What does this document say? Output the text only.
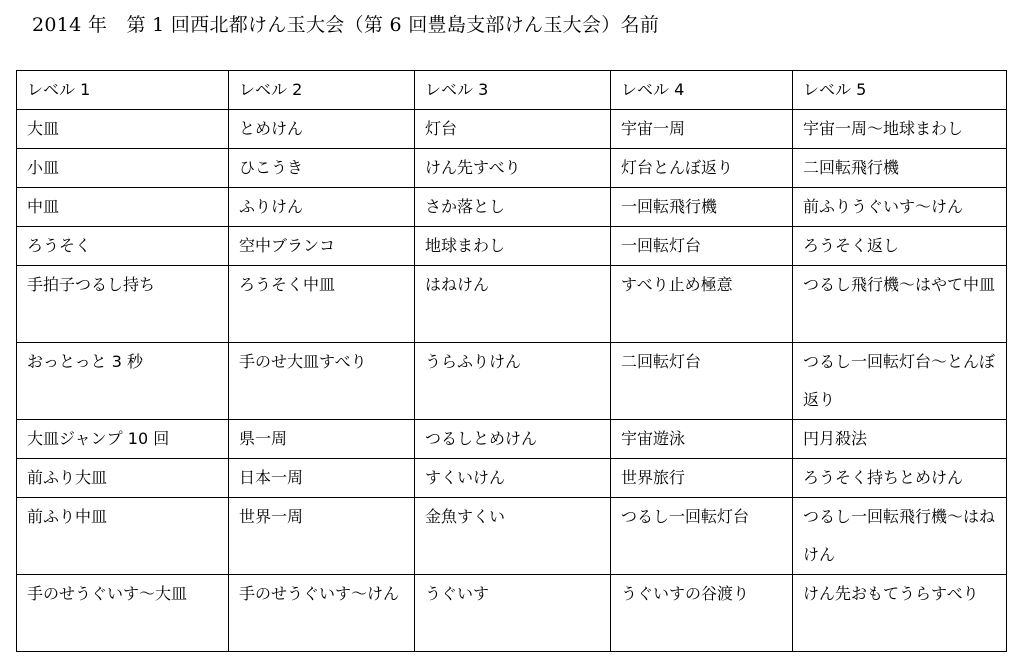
2014 年　第 1 回西北都けん玉大会（第 6 回豊島支部けん玉大会）名前
レベル 1	レベル 2	レベル 3	レベル 4	レベル 5
大皿	とめけん	灯台	宇宙一周	宇宙一周～地球まわし
小皿	ひこうき	けん先すべり	灯台とんぼ返り	二回転飛行機
中皿	ふりけん	さか落とし	一回転飛行機	前ふりうぐいす～けん
ろうそく	空中ブランコ	地球まわし	一回転灯台	ろうそく返し
手拍子つるし持ち	ろうそく中皿	はねけん	すべり止め極意	つるし飛行機～はやて中皿
おっとっと 3 秒	手のせ大皿すべり	うらふりけん	二回転灯台	つるし一回転灯台～とんぼ返り
大皿ジャンプ 10 回	県一周	つるしとめけん	宇宙遊泳	円月殺法
前ふり大皿	日本一周	すくいけん	世界旅行	ろうそく持ちとめけん
前ふり中皿	世界一周	金魚すくい	つるし一回転灯台	つるし一回転飛行機～はねけん
手のせうぐいす～大皿	手のせうぐいす～けん	うぐいす	うぐいすの谷渡り	けん先おもてうらすべり
